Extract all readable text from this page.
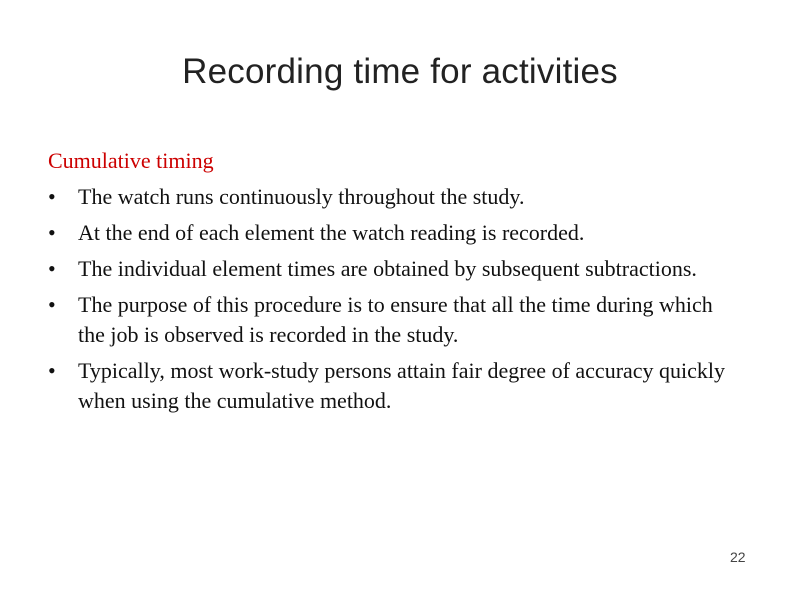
Recording time for activities
Cumulative timing
•	The watch runs continuously throughout the study.
•	At the end of each element the watch reading is recorded.
•	The individual element times are obtained by subsequent subtractions.
•	The purpose of this procedure is to ensure that all the time during which the job is observed is recorded in the study.
•	Typically, most work-study persons attain fair degree of accuracy quickly when using the cumulative method.
22
